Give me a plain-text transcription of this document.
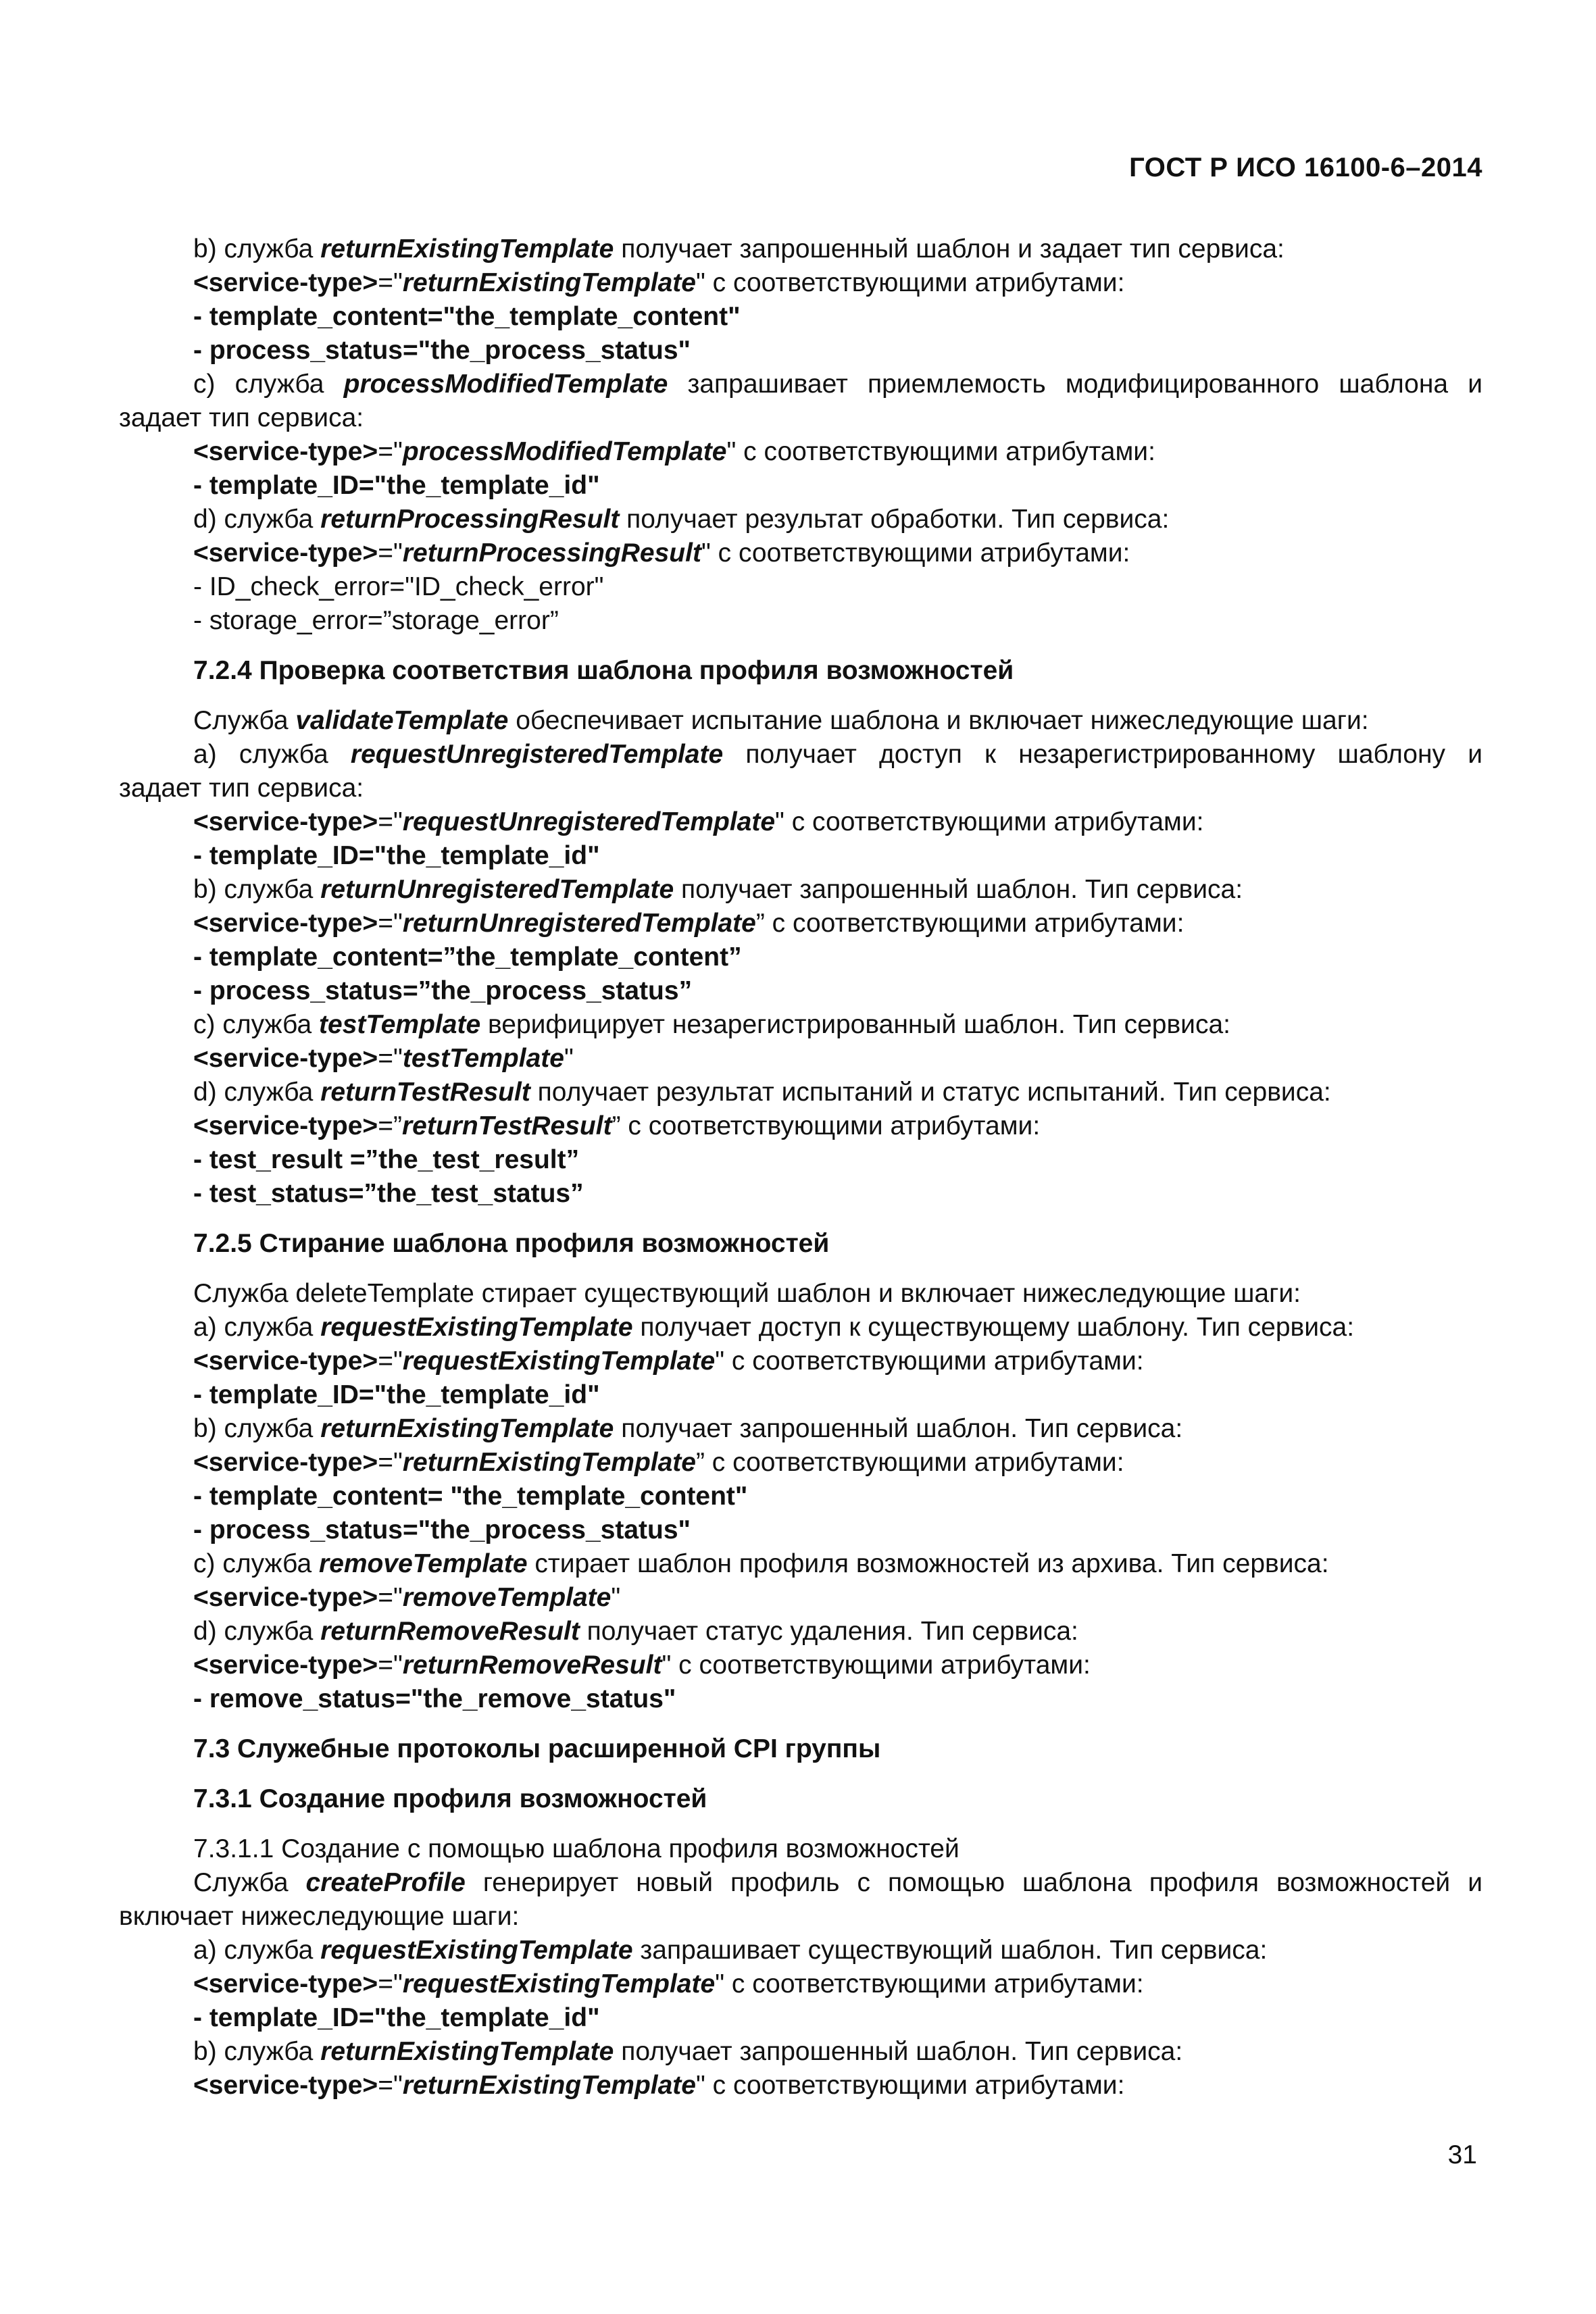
ГОСТ Р ИСО 16100-6–2014
b) служба returnExistingTemplate получает запрошенный шаблон и задает тип сервиса:
<service-type>="returnExistingTemplate" с соответствующими атрибутами:
- template_content="the_template_content"
- process_status="the_process_status"
c) служба processModifiedTemplate запрашивает приемлемость модифицированного шаблона и
задает тип сервиса:
<service-type>="processModifiedTemplate" с соответствующими атрибутами:
- template_ID="the_template_id"
d) служба returnProcessingResult получает результат обработки. Тип сервиса:
<service-type>="returnProcessingResult" с соответствующими атрибутами:
- ID_check_error="ID_check_error"
- storage_error=”storage_error”
7.2.4 Проверка соответствия шаблона профиля возможностей
Служба validateTemplate обеспечивает испытание шаблона и включает нижеследующие шаги:
a) служба requestUnregisteredTemplate получает доступ к незарегистрированному шаблону и
задает тип сервиса:
<service-type>="requestUnregisteredTemplate" с соответствующими атрибутами:
- template_ID="the_template_id"
b) служба returnUnregisteredTemplate получает запрошенный шаблон. Тип сервиса:
<service-type>="returnUnregisteredTemplate” с соответствующими атрибутами:
- template_content=”the_template_content”
- process_status=”the_process_status”
c) служба testTemplate верифицирует незарегистрированный шаблон. Тип сервиса:
<service-type>="testTemplate"
d) служба returnTestResult получает результат испытаний и статус испытаний. Тип сервиса:
<service-type>=”returnTestResult” с соответствующими атрибутами:
- test_result =”the_test_result”
- test_status=”the_test_status”
7.2.5 Стирание шаблона профиля возможностей
Служба deleteTemplate стирает существующий шаблон и включает нижеследующие шаги:
a) служба requestExistingTemplate получает доступ к существующему шаблону. Тип сервиса:
<service-type>="requestExistingTemplate" с соответствующими атрибутами:
- template_ID="the_template_id"
b) служба returnExistingTemplate получает запрошенный шаблон. Тип сервиса:
<service-type>="returnExistingTemplate” с соответствующими атрибутами:
- template_content= "the_template_content"
- process_status="the_process_status"
c) служба removeTemplate стирает шаблон профиля возможностей из архива. Тип сервиса:
<service-type>="removeTemplate"
d) служба returnRemoveResult получает статус удаления. Тип сервиса:
<service-type>="returnRemoveResult" с соответствующими атрибутами:
- remove_status="the_remove_status"
7.3 Служебные протоколы расширенной CPI группы
7.3.1 Создание профиля возможностей
7.3.1.1 Создание с помощью шаблона профиля возможностей
Служба createProfile генерирует новый профиль с помощью шаблона профиля возможностей и
включает нижеследующие шаги:
a) служба requestExistingTemplate запрашивает существующий шаблон. Тип сервиса:
<service-type>="requestExistingTemplate" с соответствующими атрибутами:
- template_ID="the_template_id"
b) служба returnExistingTemplate получает запрошенный шаблон. Тип сервиса:
<service-type>="returnExistingTemplate" с соответствующими атрибутами:
31
